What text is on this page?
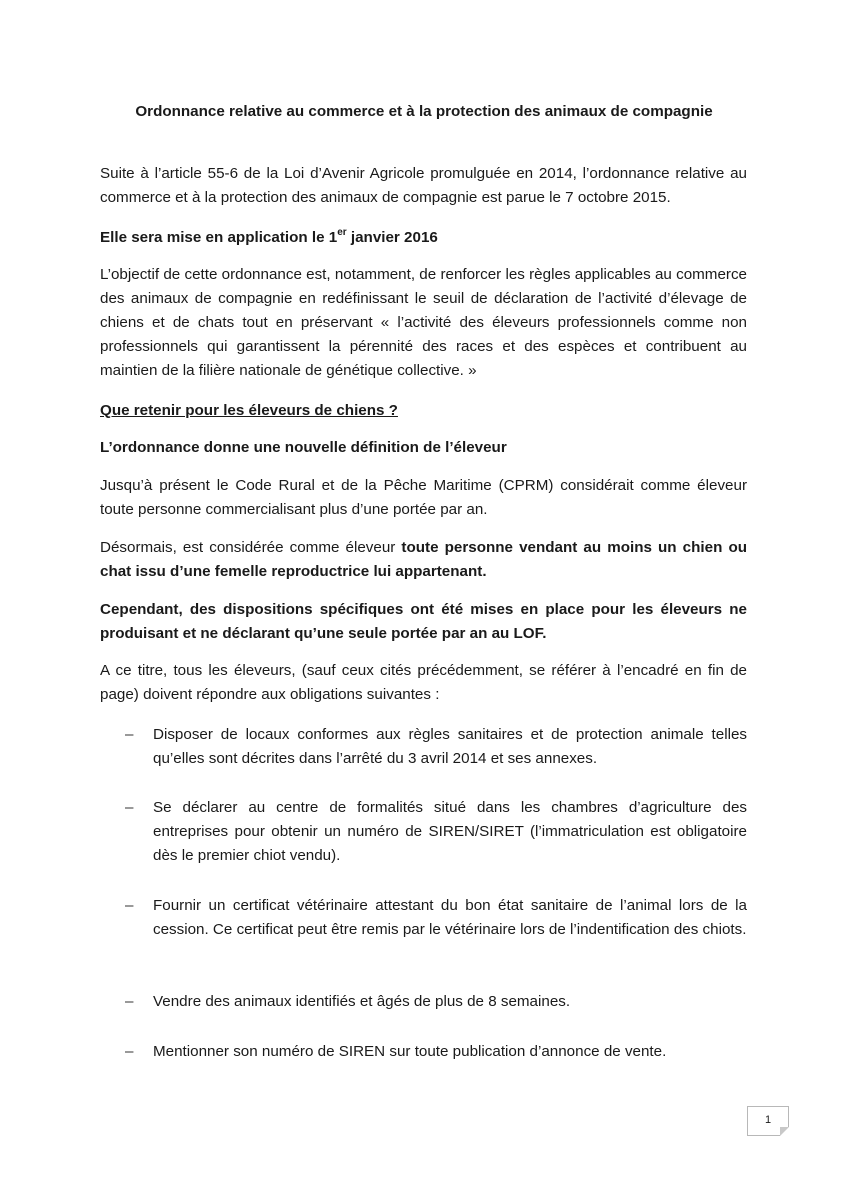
Ordonnance relative au commerce et à la protection des animaux de compagnie

Suite à l’article 55-6 de la Loi d’Avenir Agricole promulguée en 2014, l’ordonnance relative au commerce et à la protection des animaux de compagnie est parue le 7 octobre 2015.

Elle sera mise en application le 1er janvier 2016

L’objectif de cette ordonnance est, notamment, de renforcer les règles applicables au commerce des animaux de compagnie en redéfinissant le seuil de déclaration de l’activité d’élevage de chiens et de chats tout en préservant « l’activité des éleveurs professionnels comme non professionnels qui garantissent la pérennité des races et des espèces et contribuent au maintien de la filière nationale de génétique collective. »

Que retenir pour les éleveurs de chiens ?

L’ordonnance donne une nouvelle définition de l’éleveur

Jusqu’à présent le Code Rural et de la Pêche Maritime (CPRM) considérait comme éleveur toute personne commercialisant plus d’une portée par an.

Désormais, est considérée comme éleveur toute personne vendant au moins un chien ou chat issu d’une femelle reproductrice lui appartenant.

Cependant, des dispositions spécifiques ont été mises en place pour les éleveurs ne produisant et ne déclarant qu’une seule portée par an au LOF.

A ce titre, tous les éleveurs, (sauf ceux cités précédemment, se référer à l’encadré en fin de page) doivent répondre aux obligations suivantes :

–	Disposer de locaux conformes aux règles sanitaires et de protection animale telles qu’elles sont décrites dans l’arrêté du 3 avril 2014 et ses annexes.

–	Se déclarer au centre de formalités situé dans les chambres d’agriculture des entreprises pour obtenir un numéro de SIREN/SIRET (l’immatriculation est obligatoire dès le premier chiot vendu).

–	Fournir un certificat vétérinaire attestant du bon état sanitaire de l’animal lors de la cession. Ce certificat peut être remis par le vétérinaire lors de l’indentification des chiots.

–	Vendre des animaux identifiés et âgés de plus de 8 semaines.

–	Mentionner son numéro de SIREN sur toute publication d’annonce de vente.

1
